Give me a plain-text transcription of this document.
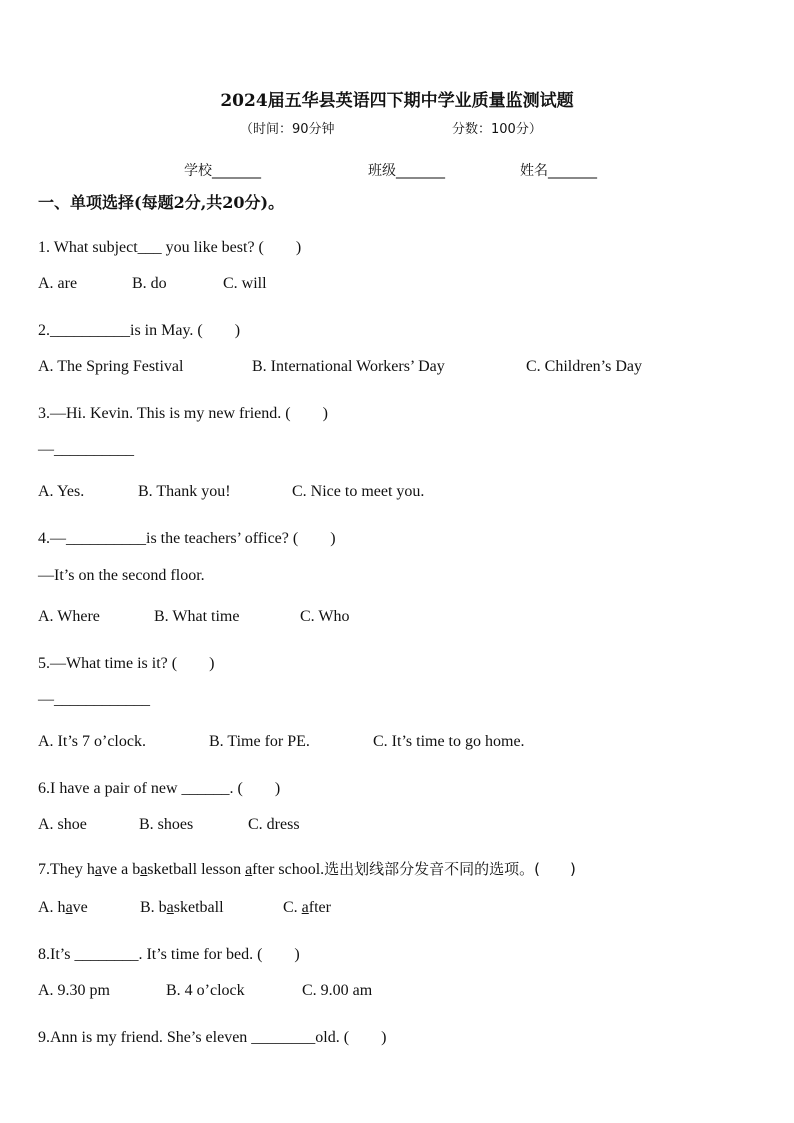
2024届五华县英语四下期中学业质量监测试题
（时间：90分钟	分数：100分）
学校_______	班级_______	姓名_______
一、单项选择(每题2分,共20分)。
1. What subject___ you like best? (　　)
A. are	B. do	C. will
2.__________is in May. (　　)
A. The Spring Festival	B. International Workers’ Day	C. Children’s Day
3.—Hi. Kevin. This is my new friend. (　　)
—__________
A. Yes.	B. Thank you!	C. Nice to meet you.
4.—__________is the teachers’ office? (　　)
—It’s on the second floor.
A. Where	B. What time	C. Who
5.—What time is it? (　　)
—____________
A. It’s 7 o’clock.	B. Time for PE.	C. It’s time to go home.
6.I have a pair of new ______. (　　)
A. shoe	B. shoes	C. dress
7.They have a basketball lesson after school.选出划线部分发音不同的选项。(　　)
A. have	B. basketball	C. after
8.It’s ________. It’s time for bed. (　　)
A. 9.30 pm	B. 4 o’clock	C. 9.00 am
9.Ann is my friend. She’s eleven ________old. (　　)
